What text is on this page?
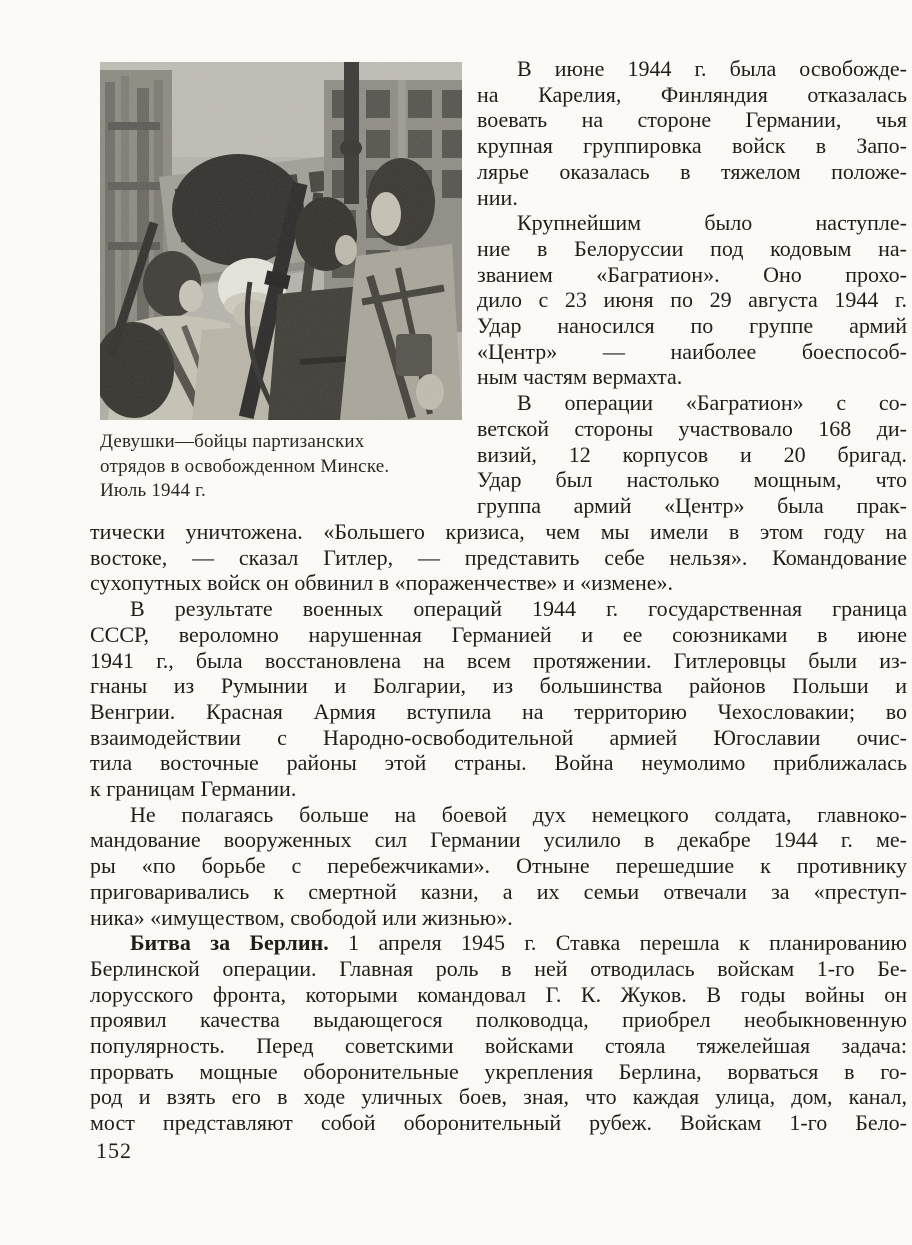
Девушки—бойцы партизанских
отрядов в освобожденном Минске.
Июль 1944 г.
В июне 1944 г. была освобожде-
на Карелия, Финляндия отказалась
воевать на стороне Германии, чья
крупная группировка войск в Запо-
лярье оказалась в тяжелом положе-
нии.
Крупнейшим было наступле-
ние в Белоруссии под кодовым на-
званием «Багратион». Оно прохо-
дило с 23 июня по 29 августа 1944 г.
Удар наносился по группе армий
«Центр» — наиболее боеспособ-
ным частям вермахта.
В операции «Багратион» с со-
ветской стороны участвовало 168 ди-
визий, 12 корпусов и 20 бригад.
Удар был настолько мощным, что
группа армий «Центр» была прак-
тически уничтожена. «Большего кризиса, чем мы имели в этом году на
востоке, — сказал Гитлер, — представить себе нельзя». Командование
сухопутных войск он обвинил в «пораженчестве» и «измене».
В результате военных операций 1944 г. государственная граница
СССР, вероломно нарушенная Германией и ее союзниками в июне
1941 г., была восстановлена на всем протяжении. Гитлеровцы были из-
гнаны из Румынии и Болгарии, из большинства районов Польши и
Венгрии. Красная Армия вступила на территорию Чехословакии; во
взаимодействии с Народно-освободительной армией Югославии очис-
тила восточные районы этой страны. Война неумолимо приближалась
к границам Германии.
Не полагаясь больше на боевой дух немецкого солдата, главноко-
мандование вооруженных сил Германии усилило в декабре 1944 г. ме-
ры «по борьбе с перебежчиками». Отныне перешедшие к противнику
приговаривались к смертной казни, а их семьи отвечали за «преступ-
ника» «имуществом, свободой или жизнью».
Битва за Берлин. 1 апреля 1945 г. Ставка перешла к планированию
Берлинской операции. Главная роль в ней отводилась войскам 1-го Бе-
лорусского фронта, которыми командовал Г. К. Жуков. В годы войны он
проявил качества выдающегося полководца, приобрел необыкновенную
популярность. Перед советскими войсками стояла тяжелейшая задача:
прорвать мощные оборонительные укрепления Берлина, ворваться в го-
род и взять его в ходе уличных боев, зная, что каждая улица, дом, канал,
мост представляют собой оборонительный рубеж. Войскам 1-го Бело-
152
